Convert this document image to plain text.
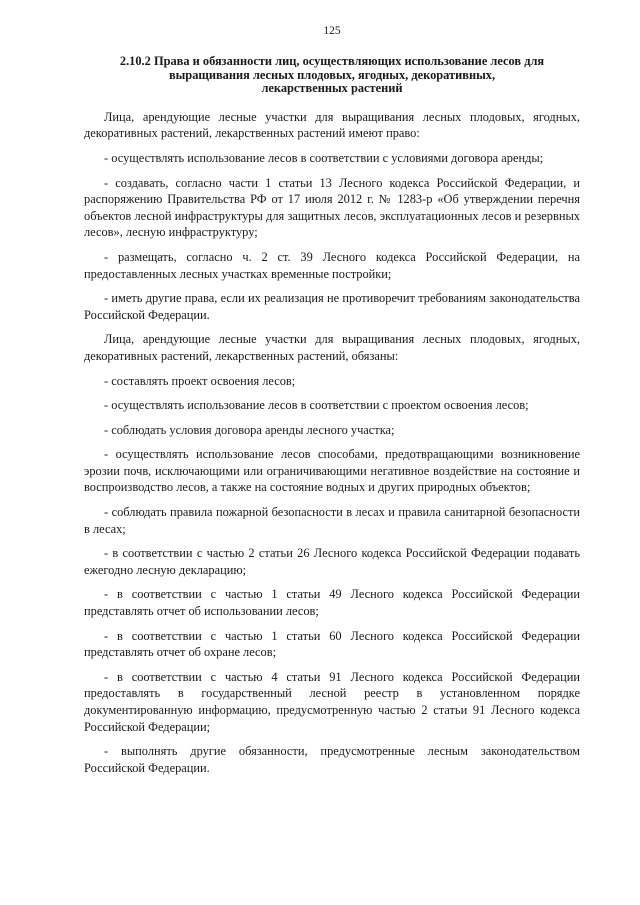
125
2.10.2 Права и обязанности лиц, осуществляющих использование лесов для
выращивания лесных плодовых, ягодных, декоративных,
лекарственных растений

Лица, арендующие лесные участки для выращивания лесных плодовых, ягодных, декоративных растений, лекарственных растений имеют право:

- осуществлять использование лесов в соответствии с условиями договора аренды;

- создавать, согласно части 1 статьи 13 Лесного кодекса Российской Федерации, и распоряжению Правительства РФ от 17 июля 2012 г. № 1283-р «Об утверждении перечня объектов лесной инфраструктуры для защитных лесов, эксплуатационных лесов и резервных лесов», лесную инфраструктуру;

- размещать, согласно ч. 2 ст. 39 Лесного кодекса Российской Федерации, на предоставленных лесных участках временные постройки;

- иметь другие права, если их реализация не противоречит требованиям законодательства Российской Федерации.

Лица, арендующие лесные участки для выращивания лесных плодовых, ягодных, декоративных растений, лекарственных растений, обязаны:

- составлять проект освоения лесов;

- осуществлять использование лесов в соответствии с проектом освоения лесов;

- соблюдать условия договора аренды лесного участка;

- осуществлять использование лесов способами, предотвращающими возникновение эрозии почв, исключающими или ограничивающими негативное воздействие на состояние и воспроизводство лесов, а также на состояние водных и других природных объектов;

- соблюдать правила пожарной безопасности в лесах и правила санитарной безопасности в лесах;

- в соответствии с частью 2 статьи 26 Лесного кодекса Российской Федерации подавать ежегодно лесную декларацию;

- в соответствии с частью 1 статьи 49 Лесного кодекса Российской Федерации представлять отчет об использовании лесов;

- в соответствии с частью 1 статьи 60 Лесного кодекса Российской Федерации представлять отчет об охране лесов;

- в соответствии с частью 4 статьи 91 Лесного кодекса Российской Федерации предоставлять в государственный лесной реестр в установленном порядке документированную информацию, предусмотренную частью 2 статьи 91 Лесного кодекса Российской Федерации;

- выполнять другие обязанности, предусмотренные лесным законодательством Российской Федерации.
